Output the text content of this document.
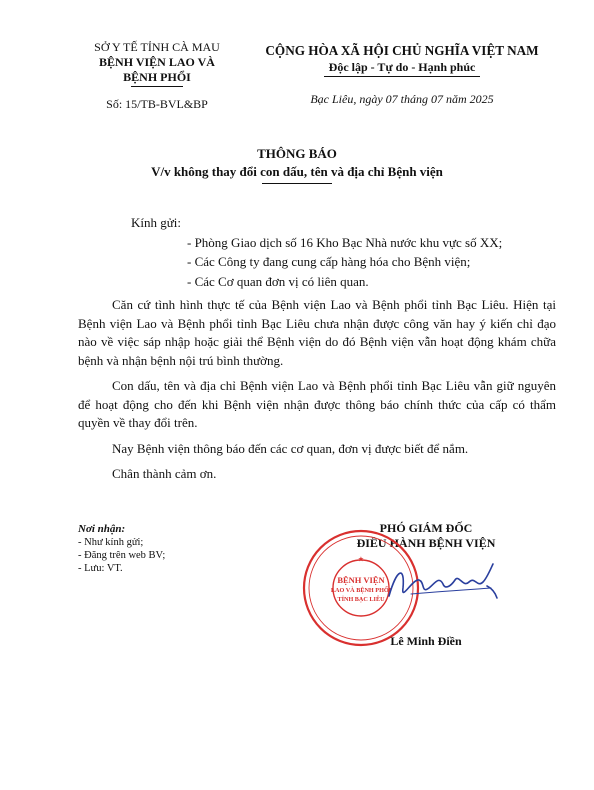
SỞ Y TẾ TỈNH CÀ MAU
BỆNH VIỆN LAO VÀ
BỆNH PHỔI
Số: 15/TB-BVL&BP
CỘNG HÒA XÃ HỘI CHỦ NGHĨA VIỆT NAM
Độc lập - Tự do - Hạnh phúc
Bạc Liêu, ngày 07 tháng 07 năm 2025
THÔNG BÁO
V/v không thay đổi con dấu, tên và địa chỉ Bệnh viện
Kính gửi:
- Phòng Giao dịch số 16 Kho Bạc Nhà nước khu vực số XX;
- Các Công ty đang cung cấp hàng hóa cho Bệnh viện;
- Các Cơ quan đơn vị có liên quan.

Căn cứ tình hình thực tế của Bệnh viện Lao và Bệnh phổi tỉnh Bạc Liêu. Hiện tại Bệnh viện Lao và Bệnh phổi tỉnh Bạc Liêu chưa nhận được công văn hay ý kiến chỉ đạo nào về việc sáp nhập hoặc giải thể Bệnh viện do đó Bệnh viện vẫn hoạt động khám chữa bệnh và nhận bệnh nội trú bình thường.

Con dấu, tên và địa chỉ Bệnh viện Lao và Bệnh phổi tỉnh Bạc Liêu vẫn giữ nguyên để hoạt động cho đến khi Bệnh viện nhận được thông báo chính thức của cấp có thẩm quyền về thay đổi trên.

Nay Bệnh viện thông báo đến các cơ quan, đơn vị được biết để nắm.

Chân thành cảm ơn.

Nơi nhận:
- Như kính gửi;
- Đăng trên web BV;
- Lưu: VT.
PHÓ GIÁM ĐỐC
ĐIỀU HÀNH BỆNH VIỆN
BỆNH VIỆN
LAO VÀ BỆNH PHỔI
TỈNH BẠC LIÊU
★
Lê Minh Điền
